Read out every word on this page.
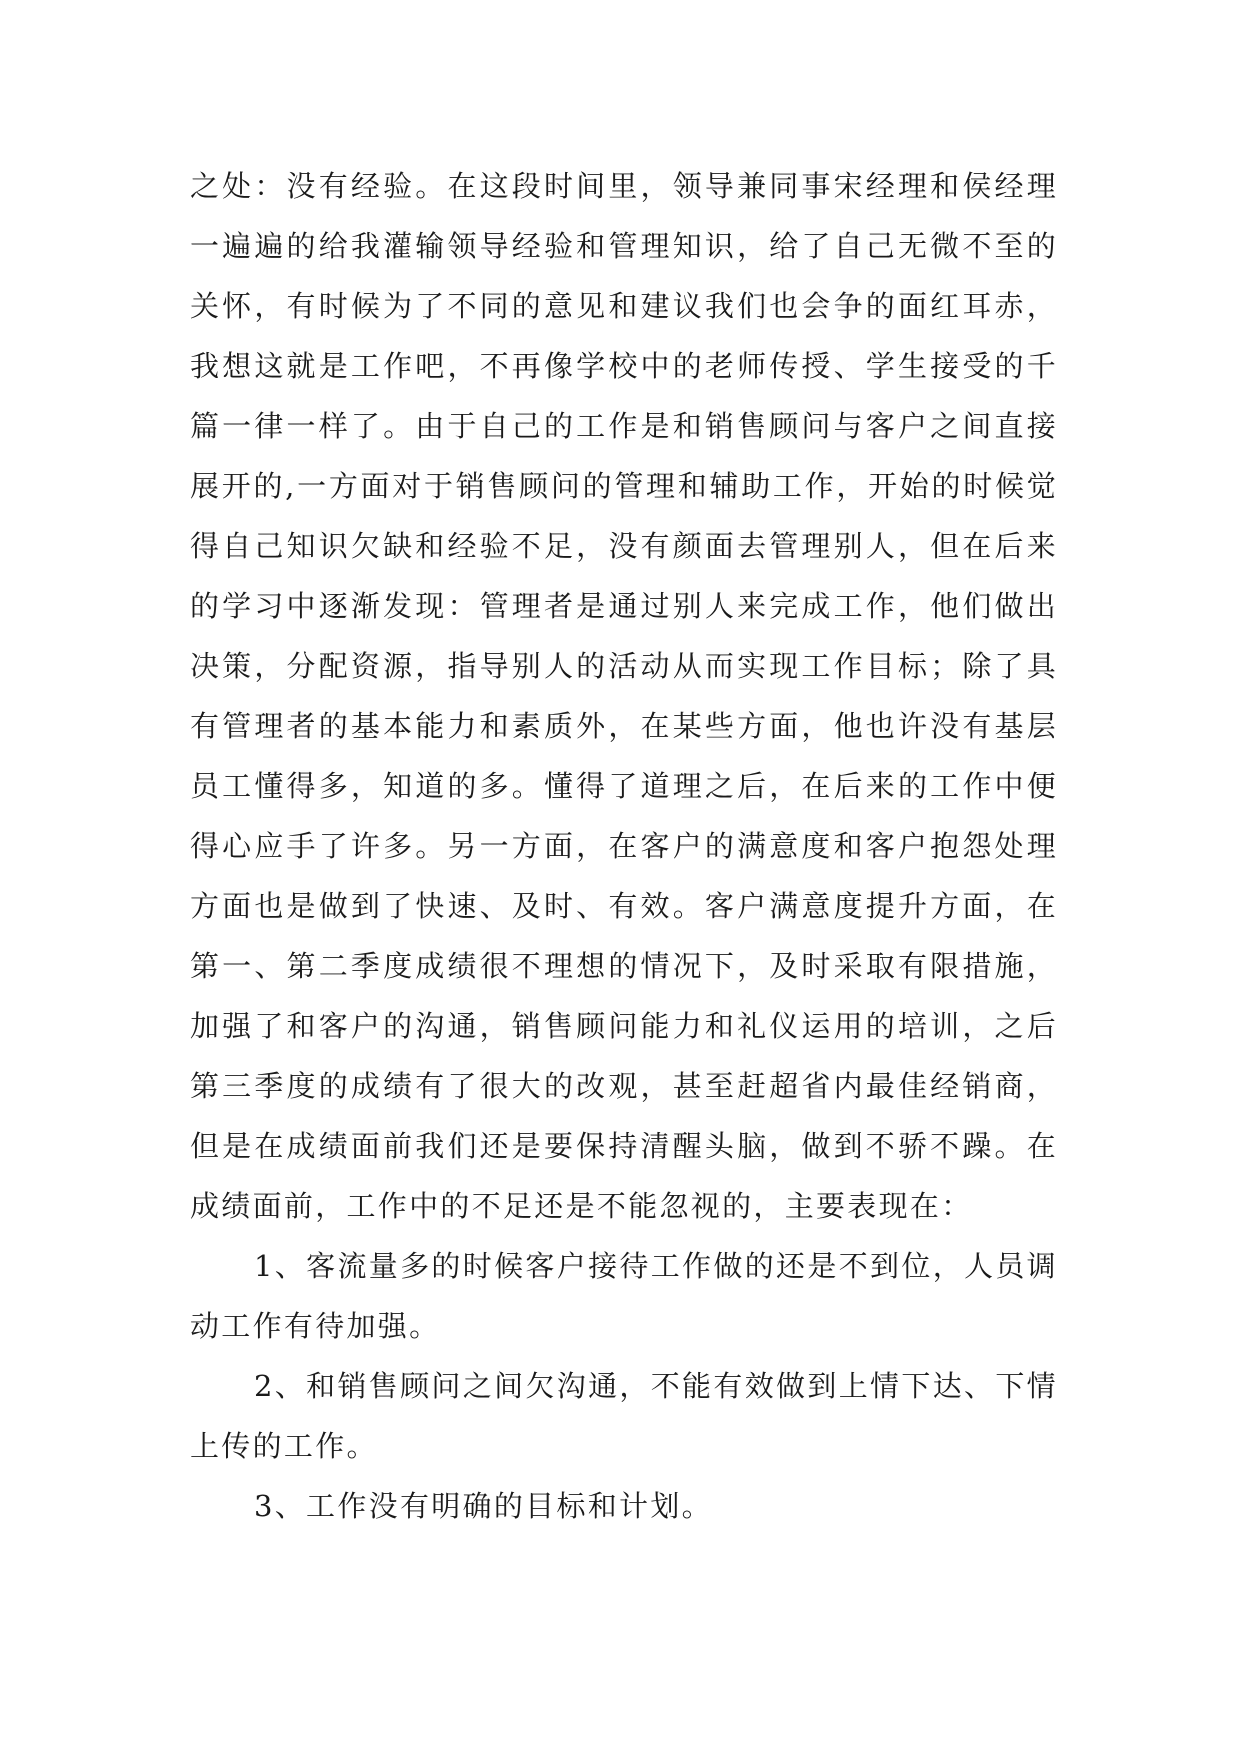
之处：没有经验。在这段时间里，领导兼同事宋经理和侯经理一遍遍的给我灌输领导经验和管理知识，给了自己无微不至的关怀，有时候为了不同的意见和建议我们也会争的面红耳赤，我想这就是工作吧，不再像学校中的老师传授、学生接受的千篇一律一样了。由于自己的工作是和销售顾问与客户之间直接展开的,一方面对于销售顾问的管理和辅助工作，开始的时候觉得自己知识欠缺和经验不足，没有颜面去管理别人，但在后来的学习中逐渐发现：管理者是通过别人来完成工作，他们做出决策，分配资源，指导别人的活动从而实现工作目标；除了具有管理者的基本能力和素质外，在某些方面，他也许没有基层员工懂得多，知道的多。懂得了道理之后，在后来的工作中便得心应手了许多。另一方面，在客户的满意度和客户抱怨处理方面也是做到了快速、及时、有效。客户满意度提升方面，在第一、第二季度成绩很不理想的情况下，及时采取有限措施，加强了和客户的沟通，销售顾问能力和礼仪运用的培训，之后第三季度的成绩有了很大的改观，甚至赶超省内最佳经销商，但是在成绩面前我们还是要保持清醒头脑，做到不骄不躁。在成绩面前，工作中的不足还是不能忽视的，主要表现在：

1、客流量多的时候客户接待工作做的还是不到位，人员调动工作有待加强。

2、和销售顾问之间欠沟通，不能有效做到上情下达、下情上传的工作。

3、工作没有明确的目标和计划。
